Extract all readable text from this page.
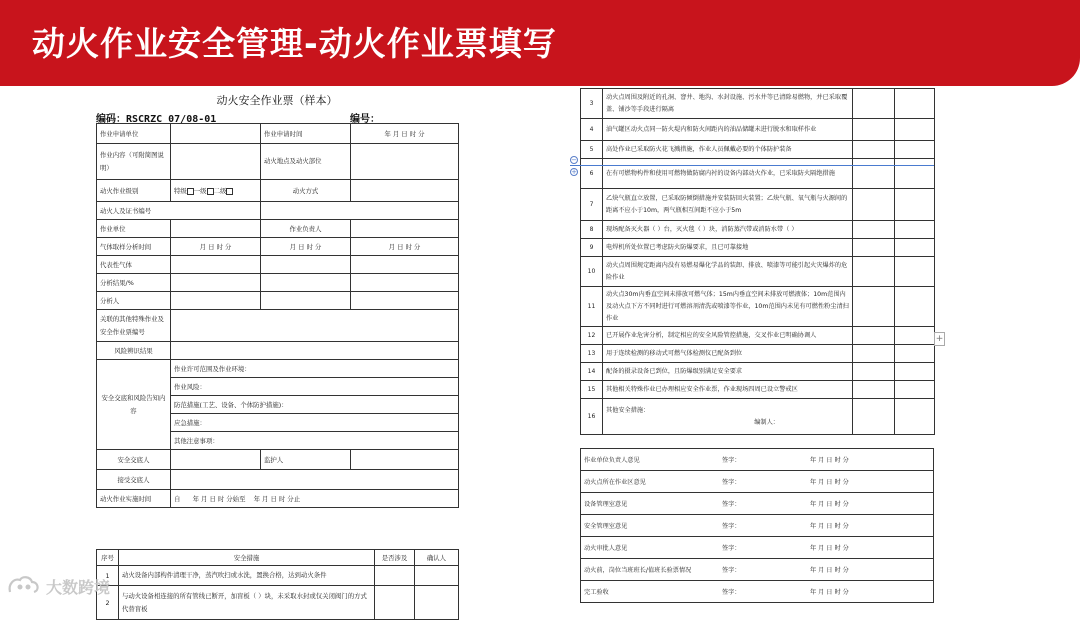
动火作业安全管理-动火作业票填写
动火安全作业票（样本）
编码：RSCRZC 07/08-01	编号：
作业申请单位		作业申请时间	年 月 日 时 分
作业内容（可附简图说明）		动火地点及动火部位	
动火作业级别	特级 一级 二级	动火方式	
动火人及证书编号			
作业单位		作业负责人	
气体取样分析时间	月 日 时 分	月 日 时 分	月 日 时 分
代表性气体			
分析结果/%			
分析人			
关联的其他特殊作业及安全作业票编号			
风险辨识结果			
安全交底和风险告知内容	作业许可范围及作业环境：		
	作业风险：		
	防范措施(工艺、设备、个体防护措施)：		
	应急措施：		
	其他注意事项：		
安全交底人		监护人	
接受交底人			
动火作业实施时间	自 年 月 日 时 分始至 年 月 日 时 分止		
序号	安全措施	是否涉及	确认人
1	动火设备内部构件清理干净，蒸汽吹扫或水洗，置换合格，达到动火条件		
2	与动火设备相连接的所有管线已断开，加盲板（ ）块，未采取水封或仅关闭阀门的方式代替盲板		
3	动火点周围及附近的孔洞、窨井、地沟、水封设施、污水井等已清除易燃物，并已采取覆盖、铺沙等手段进行隔离		
4	油气罐区动火点同一防火堤内和防火间距内的油品储罐未进行脱水和取样作业		
5	高处作业已采取防火花飞溅措施，作业人员佩戴必要的个体防护装备		
6	在有可燃物构件和使用可燃物做防腐内衬的设备内部动火作业，已采取防火隔绝措施		
7	乙炔气瓶直立放置，已采取防倾倒措施并安装防回火装置；乙炔气瓶、氧气瓶与火源间的距离不应小于10m，两气瓶相互间距不应小于5m		
8	现场配备灭火器（ ）台，灭火毯（ ）块，消防蒸汽带或消防水带（ ）		
9	电焊机所处位置已考虑防火防爆要求，且已可靠接地		
10	动火点周围规定距离内没有易燃易爆化学品的装卸、排放、喷漆等可能引起火灾爆炸的危险作业		
11	动火点30m内垂直空间未排放可燃气体；15m内垂直空间未排放可燃液体；10m范围内及动火点下方不同时进行可燃溶剂清洗或喷漆等作业，10m范围内未见有可燃性粉尘清扫作业		
12	已开展作业危害分析，制定相应的安全风险管控措施，交叉作业已明确协调人		
13	用于连续检测的移动式可燃气体检测仪已配备到位		
14	配备的摄录设备已到位，且防爆级别满足安全要求		
15	其他相关特殊作业已办理相应安全作业票，作业现场四周已设立警戒区		
16	其他安全措施：
编制人：		

作业单位负责人意见	签字：	年 月 日 时 分
动火点所在作业区意见	签字：	年 月 日 时 分
设备管理室意见	签字：	年 月 日 时 分
安全管理室意见	签字：	年 月 日 时 分
动火审批人意见	签字：	年 月 日 时 分
动火前，岗位当班班长/值班长验票情况	签字：	年 月 日 时 分
完工验收	签字：	年 月 日 时 分
−
+
+
大数跨境
